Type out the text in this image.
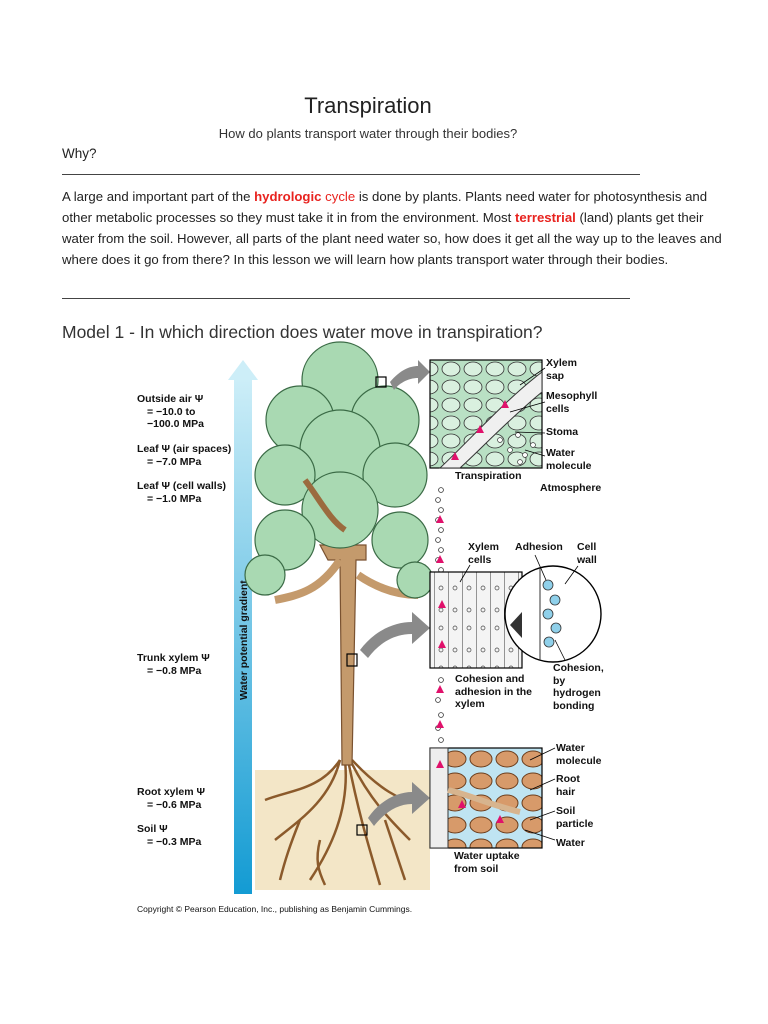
Transpiration
How do plants transport water through their bodies?
Why?
A large and important part of the hydrologic cycle is done by plants. Plants need water for photosynthesis and other metabolic processes so they must take it in from the environment. Most terrestrial (land) plants get their water from the soil. However, all parts of the plant need water so, how does it get all the way up to the leaves and where does it go from there? In this lesson we will learn how plants transport water through their bodies.
Model 1 - In which direction does water move in transpiration?
Outside air Ψ
= −10.0 to
−100.0 MPa
Leaf Ψ (air spaces)
= −7.0 MPa
Leaf Ψ (cell walls)
= −1.0 MPa
Trunk xylem Ψ
= −0.8 MPa
Root xylem Ψ
= −0.6 MPa
Soil Ψ
= −0.3 MPa
Water potential gradient
Xylem sap
Mesophyll cells
Stoma
Water molecule
Atmosphere
Transpiration
Xylem cells
Adhesion Cell wall
Cohesion, by hydrogen bonding
Cohesion and adhesion in the xylem
Water molecule
Root hair
Soil particle
Water
Water uptake from soil
Copyright © Pearson Education, Inc., publishing as Benjamin Cummings.
